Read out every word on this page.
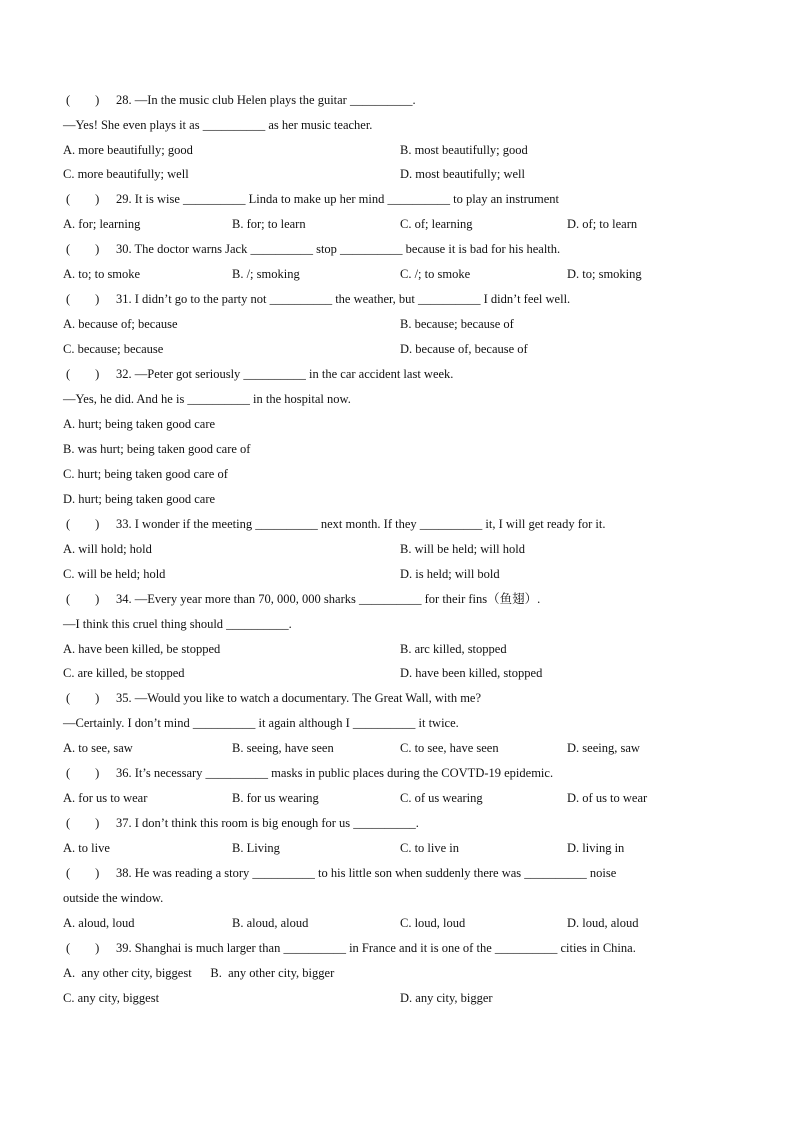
(        ) 28. —In the music club Helen plays the guitar __________.
—Yes! She even plays it as __________ as her music teacher.
A. more beautifully; good	B. most beautifully; good
C. more beautifully; well	D. most beautifully; well
(        ) 29. It is wise __________ Linda to make up her mind __________ to play an instrument
A. for; learning	B. for; to learn	C. of; learning	D. of; to learn
(        ) 30. The doctor warns Jack __________ stop __________ because it is bad for his health.
A. to; to smoke	B. /; smoking	C. /; to smoke	D. to; smoking
(        ) 31. I didn’t go to the party not __________ the weather, but __________ I didn’t feel well.
A. because of; because	B. because; because of
C. because; because	D. because of, because of
(        ) 32. —Peter got seriously __________ in the car accident last week.
—Yes, he did. And he is __________ in the hospital now.
A. hurt; being taken good care
B. was hurt; being taken good care of
C. hurt; being taken good care of
D. hurt; being taken good care
(        ) 33. I wonder if the meeting __________ next month. If they __________ it, I will get ready for it.
A. will hold; hold	B. will be held; will hold
C. will be held; hold	D. is held; will bold
(        ) 34. —Every year more than 70, 000, 000 sharks __________ for their fins（鱼翅）.
—I think this cruel thing should __________.
A. have been killed, be stopped	B. arc killed, stopped
C. are killed, be stopped	D. have been killed, stopped
(        ) 35. —Would you like to watch a documentary. The Great Wall, with me?
—Certainly. I don’t mind __________ it again although I __________ it twice.
A. to see, saw	B. seeing, have seen	C. to see, have seen	D. seeing, saw
(        ) 36. It’s necessary __________ masks in public places during the COVTD-19 epidemic.
A. for us to wear	B. for us wearing	C. of us wearing	D. of us to wear
(        ) 37. I don’t think this room is big enough for us __________.
A. to live	B. Living	C. to live in	D. living in
(        ) 38. He was reading a story __________ to his little son when suddenly there was __________ noise
outside the window.
A. aloud, loud	B. aloud, aloud	C. loud, loud	D. loud, aloud
(        ) 39. Shanghai is much larger than __________ in France and it is one of the __________ cities in China.
A.  any other city, biggest      B.  any other city, bigger
C. any city, biggest	D. any city, bigger
